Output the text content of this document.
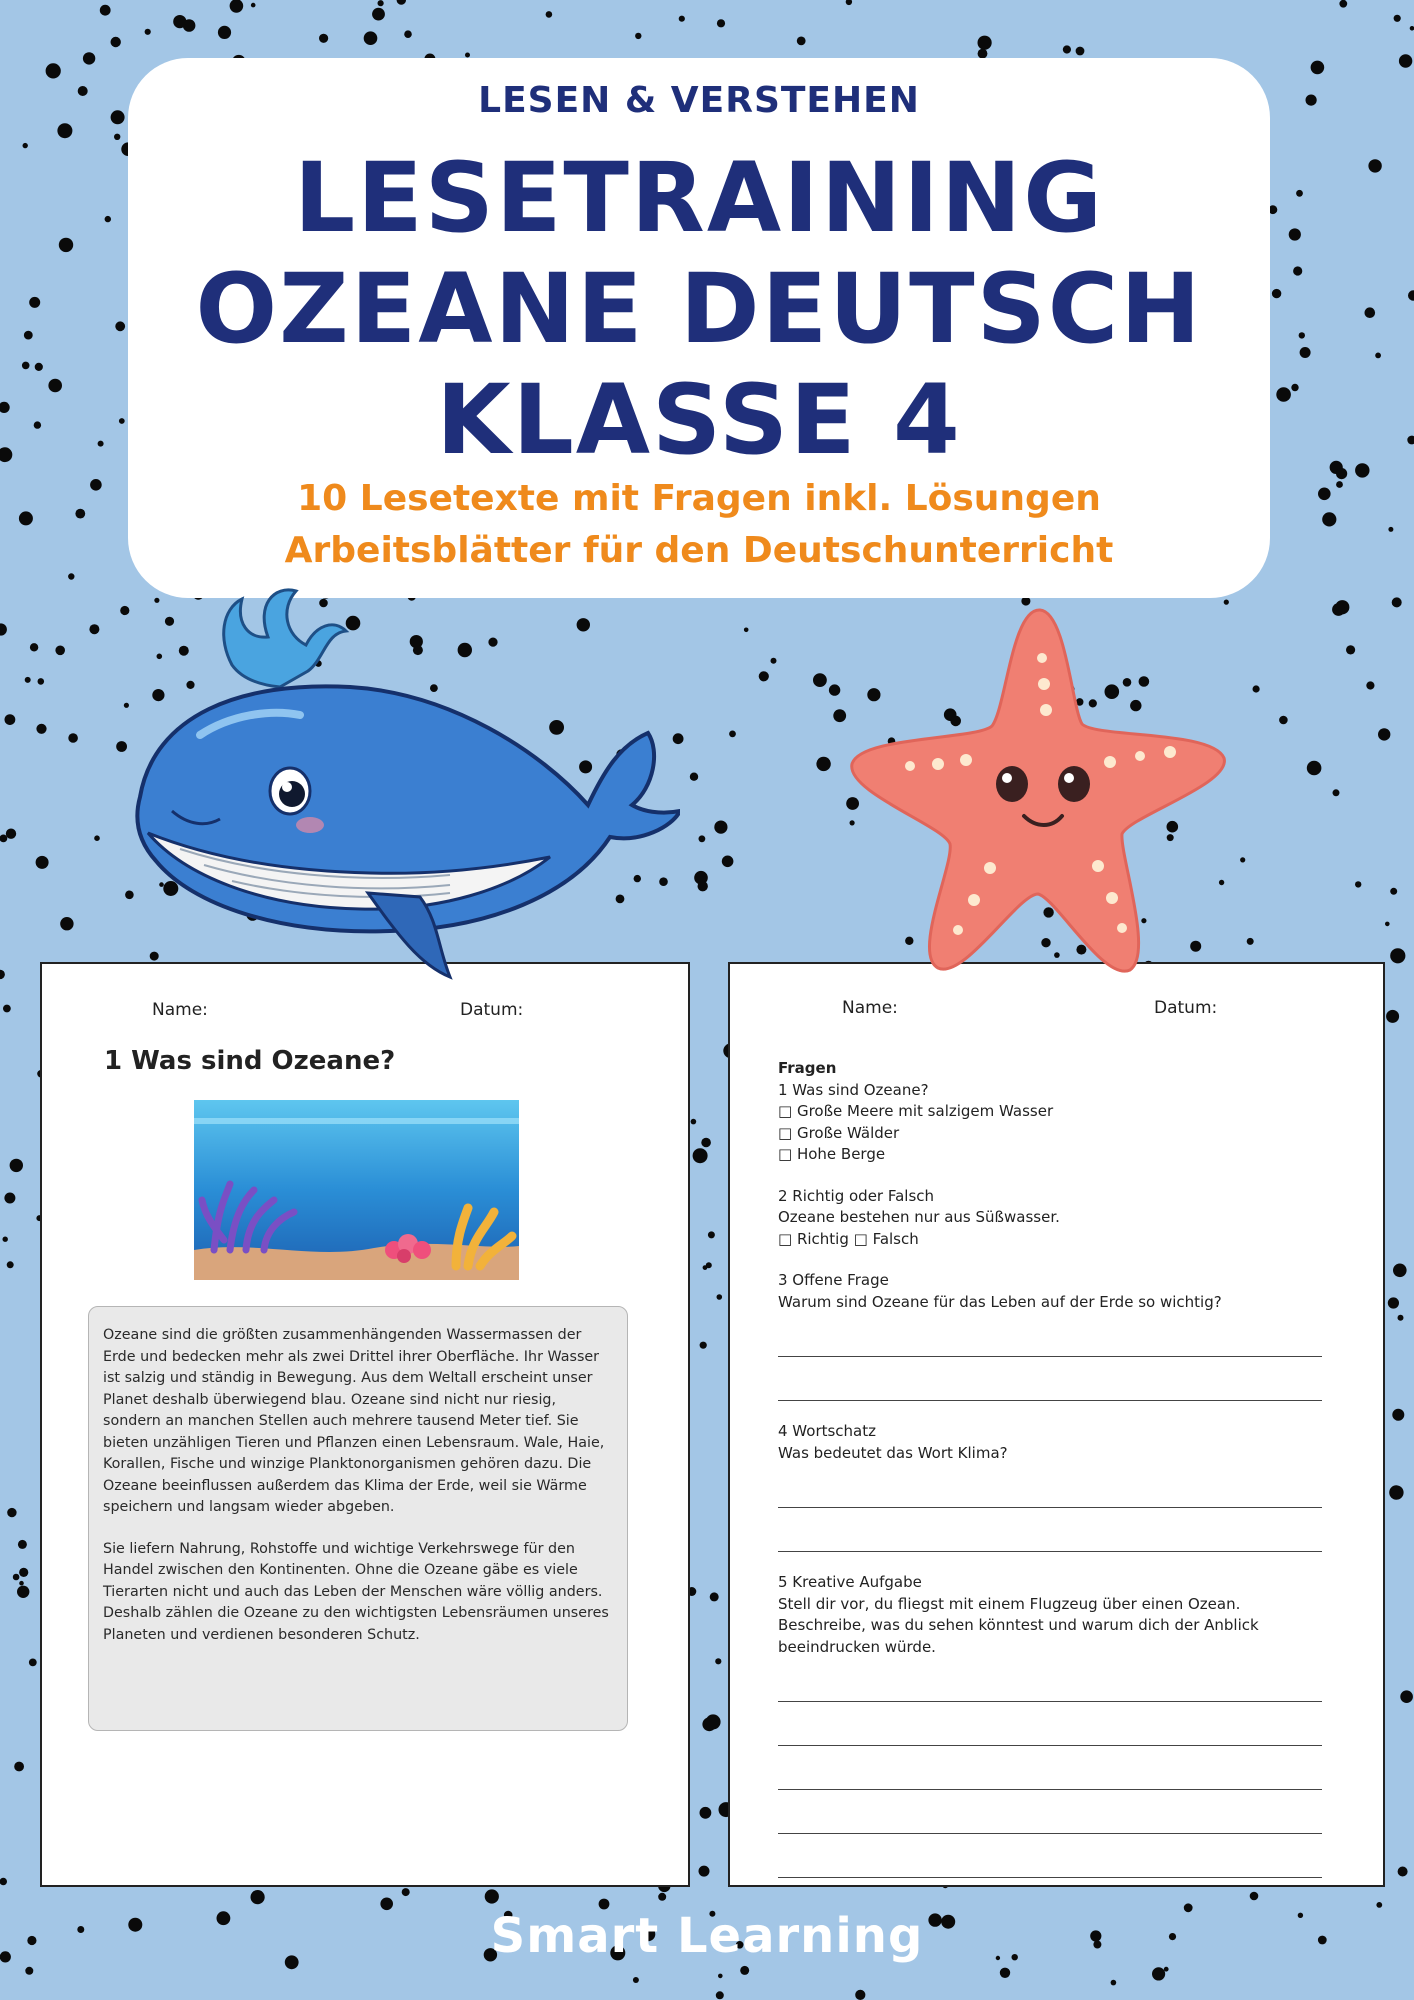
LESEN & VERSTEHEN
LESETRAINING
OZEANE DEUTSCH
KLASSE 4
10 Lesetexte mit Fragen inkl. Lösungen
Arbeitsblätter für den Deutschunterricht
Name:	Datum:
1 Was sind Ozeane?

Ozeane sind die größten zusammenhängenden Wassermassen der Erde und bedecken mehr als zwei Drittel ihrer Oberfläche. Ihr Wasser ist salzig und ständig in Bewegung. Aus dem Weltall erscheint unser Planet deshalb überwiegend blau. Ozeane sind nicht nur riesig, sondern an manchen Stellen auch mehrere tausend Meter tief. Sie bieten unzähligen Tieren und Pflanzen einen Lebensraum. Wale, Haie, Korallen, Fische und winzige Planktonorganismen gehören dazu. Die Ozeane beeinflussen außerdem das Klima der Erde, weil sie Wärme speichern und langsam wieder abgeben.

Sie liefern Nahrung, Rohstoffe und wichtige Verkehrswege für den Handel zwischen den Kontinenten. Ohne die Ozeane gäbe es viele Tierarten nicht und auch das Leben der Menschen wäre völlig anders. Deshalb zählen die Ozeane zu den wichtigsten Lebensräumen unseres Planeten und verdienen besonderen Schutz.

Name:	Datum:
Fragen
1 Was sind Ozeane?
□ Große Meere mit salzigem Wasser
□ Große Wälder
□ Hohe Berge
2 Richtig oder Falsch
Ozeane bestehen nur aus Süßwasser.
□ Richtig □ Falsch
3 Offene Frage
Warum sind Ozeane für das Leben auf der Erde so wichtig?
4 Wortschatz
Was bedeutet das Wort Klima?
5 Kreative Aufgabe
Stell dir vor, du fliegst mit einem Flugzeug über einen Ozean. Beschreibe, was du sehen könntest und warum dich der Anblick beeindrucken würde.
Smart Learning
